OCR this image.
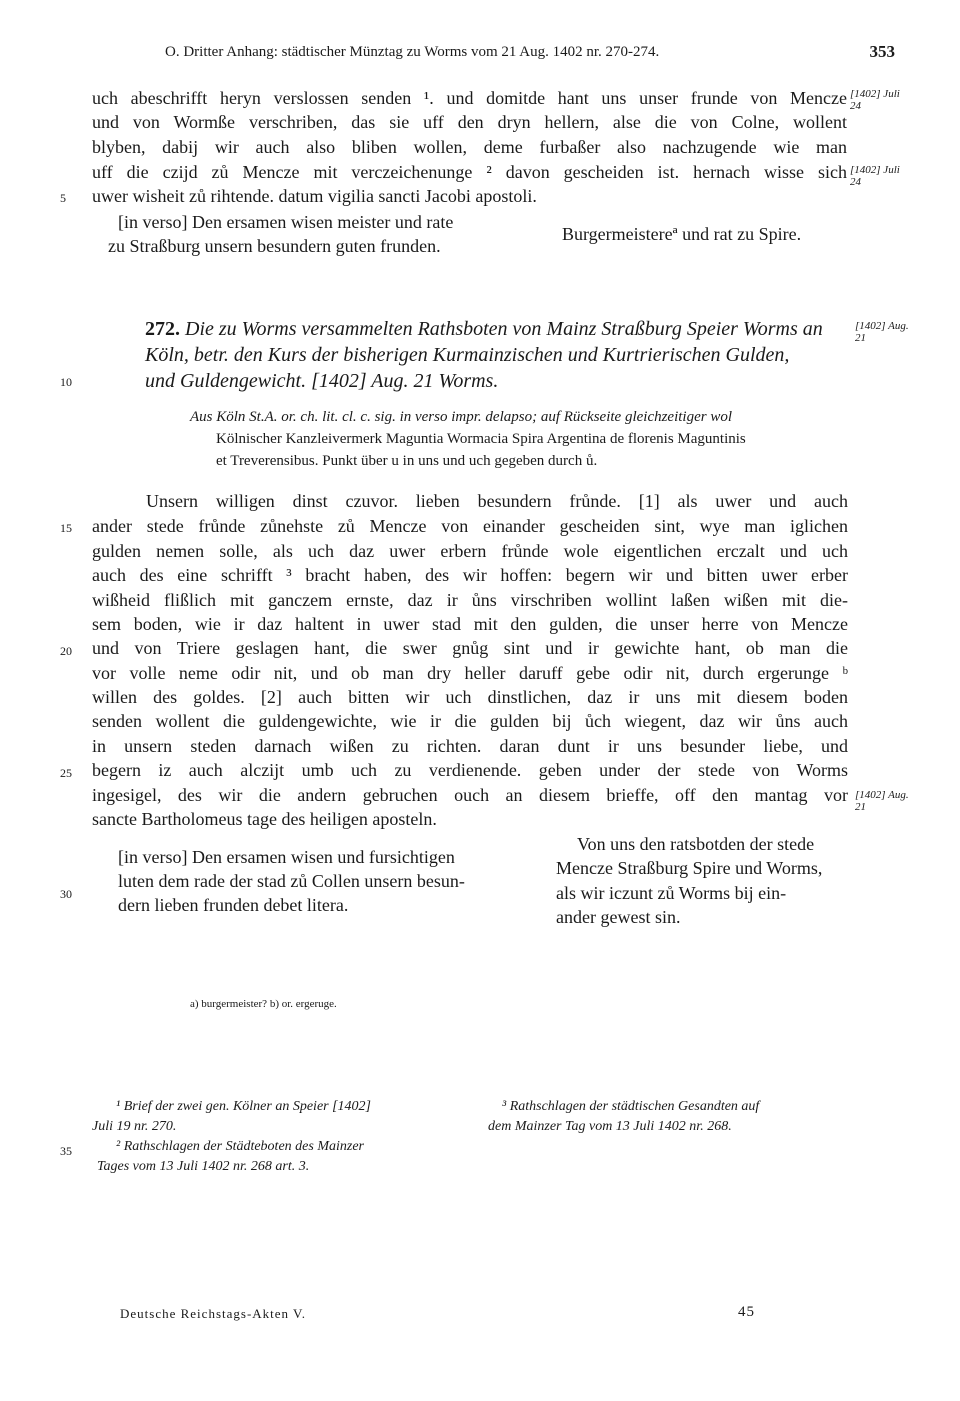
O. Dritter Anhang: städtischer Münztag zu Worms vom 21 Aug. 1402 nr. 270-274.	353
uch abeschrifft heryn verslossen senden ¹. und domitde hant uns unser frunde von Mencze
und von Wormße verschriben, das sie uff den dryn hellern, alse die von Colne, wollent
blyben, dabij wir auch also bliben wollen, deme furbaßer also nachzugende wie man
uff die czijd zů Mencze mit verczeichenunge ² davon gescheiden ist. hernach wisse sich
uwer wisheit zů rihtende. datum vigilia sancti Jacobi apostoli.
[1402] Juli 24
[1402] Juli 24
[in verso] Den ersamen wisen meister und rate
zu Straßburg unsern besundern guten frunden.
Burgermeistereª und rat zu Spire.
272. Die zu Worms versammelten Rathsboten von Mainz Straßburg Speier Worms an
Köln, betr. den Kurs der bisherigen Kurmainzischen und Kurtrierischen Gulden,
und Guldengewicht. [1402] Aug. 21 Worms.
[1402] Aug. 21
Aus Köln St.A. or. ch. lit. cl. c. sig. in verso impr. delapso; auf Rückseite gleichzeitiger wol
Kölnischer Kanzleivermerk Maguntia Wormacia Spira Argentina de florenis Maguntinis
et Treverensibus. Punkt über u in uns und uch gegeben durch ů.
Unsern willigen dinst czuvor. lieben besundern frůnde. [1] als uwer und auch
ander stede frůnde zůnehste zů Mencze von einander gescheiden sint, wye man iglichen
gulden nemen solle, als uch daz uwer erbern frůnde wole eigentlichen erczalt und uch
auch des eine schrifft ³ bracht haben, des wir hoffen: begern wir und bitten uwer erber
wißheid flißlich mit ganczem ernste, daz ir ůns virschriben wollint laßen wißen mit die-
sem boden, wie ir daz haltent in uwer stad mit den gulden, die unser herre von Mencze
und von Triere geslagen hant, die swer gnůg sint und ir gewichte hant, ob man die
vor volle neme odir nit, und ob man dry heller daruff gebe odir nit, durch ergerunge ᵇ
willen des goldes. [2] auch bitten wir uch dinstlichen, daz ir uns mit diesem boden
senden wollent die guldengewichte, wie ir die gulden bij ůch wiegent, daz wir ůns auch
in unsern steden darnach wißen zu richten. daran dunt ir uns besunder liebe, und
begern iz auch alczijt umb uch zu verdienende. geben under der stede von Worms
ingesigel, des wir die andern gebruchen ouch an diesem brieffe, off den mantag vor
sancte Bartholomeus tage des heiligen aposteln.
[1402] Aug. 21
Von uns den ratsbotden der stede
Mencze Straßburg Spire und Worms,
als wir iczunt zů Worms bij ein-
ander gewest sin.
[in verso] Den ersamen wisen und fursichtigen
luten dem rade der stad zů Collen unsern besun-
dern lieben frunden debet litera.
a) burgermeister? b) or. ergeruge.
¹ Brief der zwei gen. Kölner an Speier [1402]
Juli 19 nr. 270.
² Rathschlagen der Städteboten des Mainzer
Tages vom 13 Juli 1402 nr. 268 art. 3.
³ Rathschlagen der städtischen Gesandten auf
dem Mainzer Tag vom 13 Juli 1402 nr. 268.
5
10
15
20
25
30
35
Deutsche Reichstags-Akten V.	45
